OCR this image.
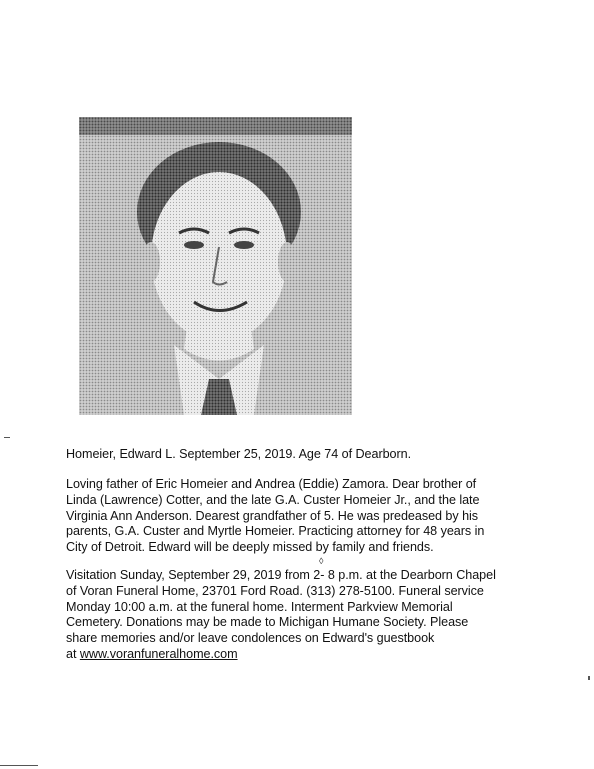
Homeier, Edward L. September 25, 2019. Age 74 of Dearborn.
Loving father of Eric Homeier and Andrea (Eddie) Zamora. Dear brother of
Linda (Lawrence) Cotter, and the late G.A. Custer Homeier Jr., and the late
Virginia Ann Anderson. Dearest grandfather of 5. He was predeased by his
parents, G.A. Custer and Myrtle Homeier. Practicing attorney for 48 years in
City of Detroit. Edward will be deeply missed by family and friends.
Visitation Sunday, September 29, 2019 from 2- 8 p.m. at the Dearborn Chapel
of Voran Funeral Home, 23701 Ford Road. (313) 278-5100. Funeral service
Monday 10:00 a.m. at the funeral home. Interment Parkview Memorial
Cemetery. Donations may be made to Michigan Humane Society. Please
share memories and/or leave condolences on Edward's guestbook
at www.voranfuneralhome.com
◊
